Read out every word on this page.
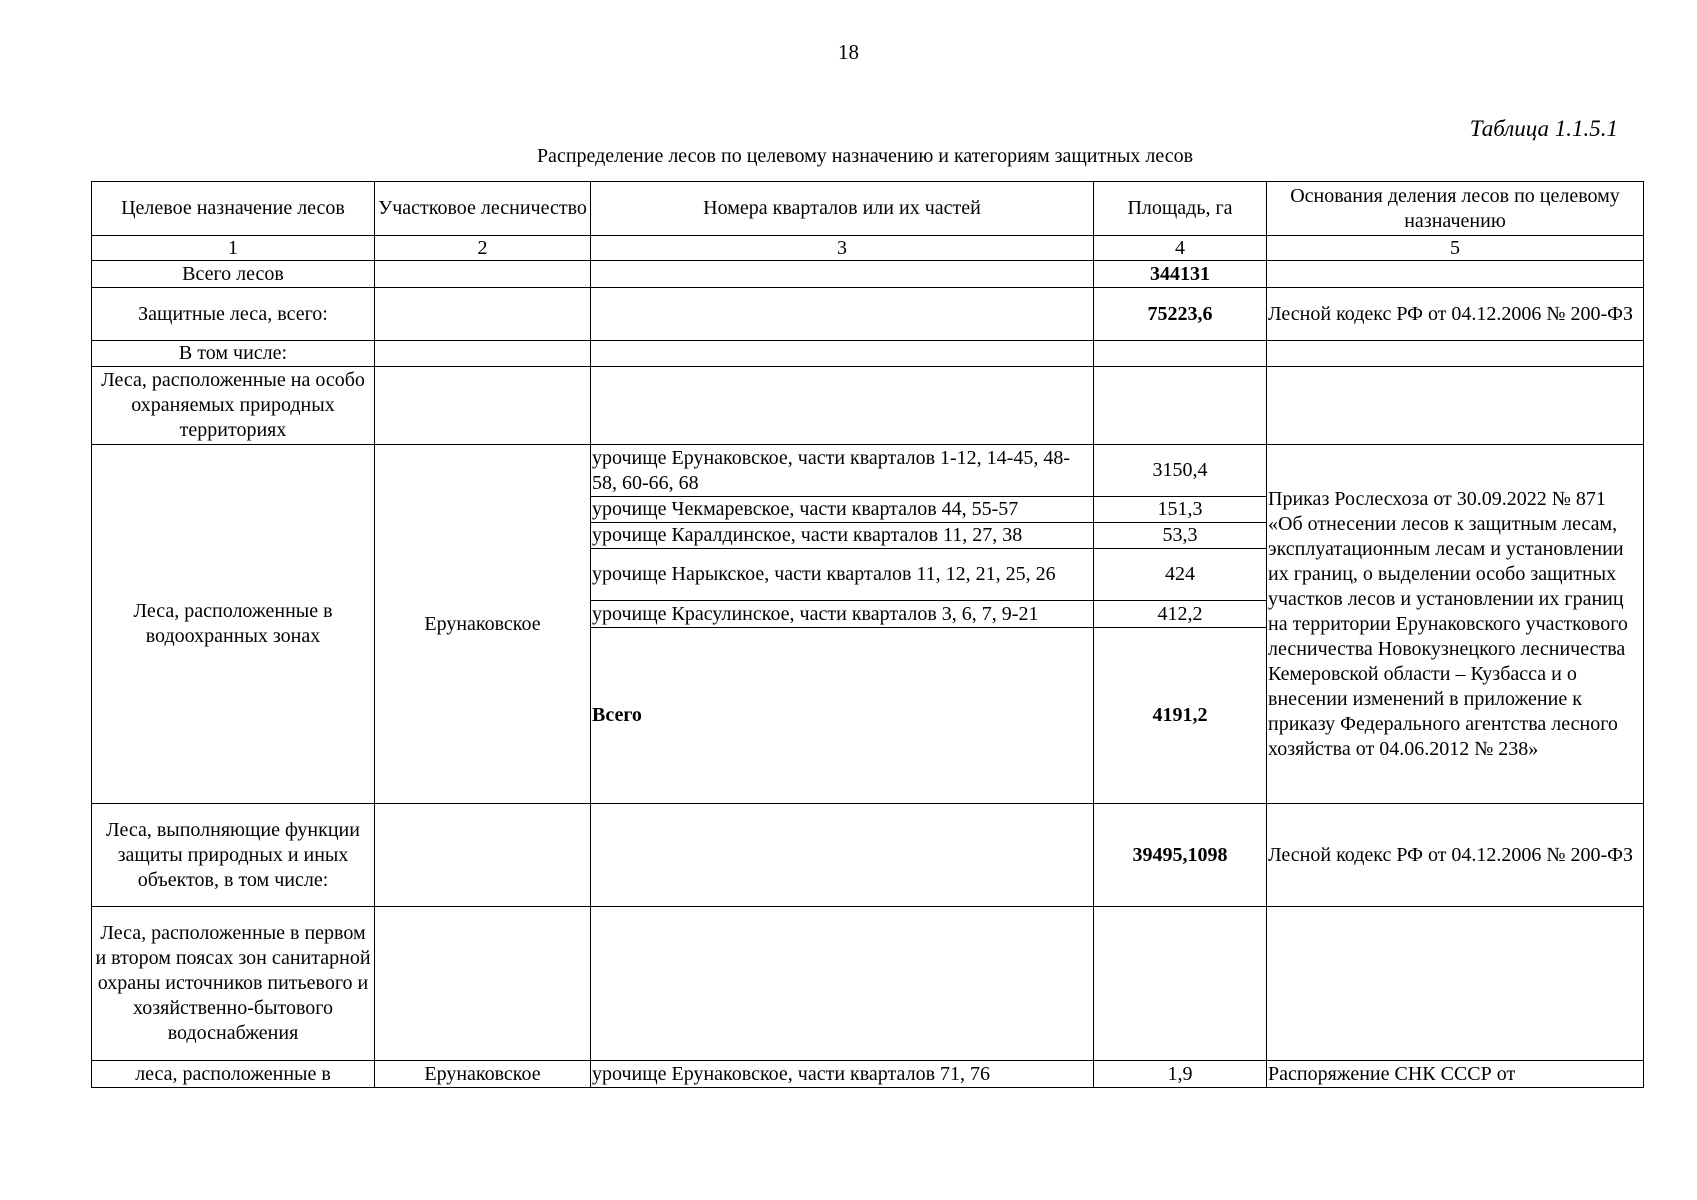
18
Таблица 1.1.5.1
Распределение лесов по целевому назначению и категориям защитных лесов
Целевое назначение лесов	Участковое лесничество	Номера кварталов или их частей	Площадь, га	Основания деления лесов по целевому назначению
1	2	3	4	5
Всего лесов			344131	
Защитные леса, всего:			75223,6	Лесной кодекс РФ от 04.12.2006 № 200-ФЗ
В том числе:				
Леса, расположенные на особо охраняемых природных территориях				
Леса, расположенные в водоохранных зонах	Ерунаковское	урочище Ерунаковское, части кварталов 1-12, 14-45, 48-58, 60-66, 68	3150,4	Приказ Рослесхоза от 30.09.2022 № 871 «Об отнесении лесов к защитным лесам, эксплуатационным лесам и установлении их границ, о выделении особо защитных участков лесов и установлении их границ на территории Ерунаковского участкового лесничества Новокузнецкого лесничества Кемеровской области – Кузбасса и о внесении изменений в приложение к приказу Федерального агентства лесного хозяйства от 04.06.2012 № 238»
		урочище Чекмаревское, части кварталов 44, 55-57	151,3	
		урочище Каралдинское, части кварталов 11, 27, 38	53,3	
		урочище Нарыкское, части кварталов 11, 12, 21, 25, 26	424	
		урочище Красулинское, части кварталов 3, 6, 7, 9-21	412,2	
		Всего	4191,2	
Леса, выполняющие функции защиты природных и иных объектов, в том числе:			39495,1098	Лесной кодекс РФ от 04.12.2006 № 200-ФЗ
Леса, расположенные в первом и втором поясах зон санитарной охраны источников питьевого и хозяйственно-бытового водоснабжения				
леса, расположенные в	Ерунаковское	урочище Ерунаковское, части кварталов 71, 76	1,9	Распоряжение СНК СССР от
